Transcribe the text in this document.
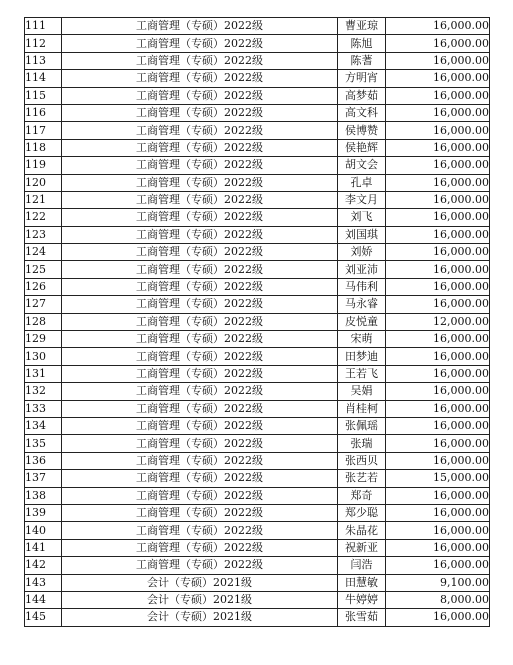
111	工商管理（专硕）2022级	曹亚琼	16,000.00
112	工商管理（专硕）2022级	陈旭	16,000.00
113	工商管理（专硕）2022级	陈蓍	16,000.00
114	工商管理（专硕）2022级	方明宵	16,000.00
115	工商管理（专硕）2022级	高梦茹	16,000.00
116	工商管理（专硕）2022级	高文科	16,000.00
117	工商管理（专硕）2022级	侯博赞	16,000.00
118	工商管理（专硕）2022级	侯艳辉	16,000.00
119	工商管理（专硕）2022级	胡文会	16,000.00
120	工商管理（专硕）2022级	孔卓	16,000.00
121	工商管理（专硕）2022级	李文月	16,000.00
122	工商管理（专硕）2022级	刘飞	16,000.00
123	工商管理（专硕）2022级	刘国琪	16,000.00
124	工商管理（专硕）2022级	刘娇	16,000.00
125	工商管理（专硕）2022级	刘亚沛	16,000.00
126	工商管理（专硕）2022级	马伟利	16,000.00
127	工商管理（专硕）2022级	马永睿	16,000.00
128	工商管理（专硕）2022级	皮悦童	12,000.00
129	工商管理（专硕）2022级	宋萌	16,000.00
130	工商管理（专硕）2022级	田梦迪	16,000.00
131	工商管理（专硕）2022级	王若飞	16,000.00
132	工商管理（专硕）2022级	吴娟	16,000.00
133	工商管理（专硕）2022级	肖桂柯	16,000.00
134	工商管理（专硕）2022级	张佩瑶	16,000.00
135	工商管理（专硕）2022级	张瑞	16,000.00
136	工商管理（专硕）2022级	张西贝	16,000.00
137	工商管理（专硕）2022级	张艺若	15,000.00
138	工商管理（专硕）2022级	郑奇	16,000.00
139	工商管理（专硕）2022级	郑少聪	16,000.00
140	工商管理（专硕）2022级	朱晶花	16,000.00
141	工商管理（专硕）2022级	祝新亚	16,000.00
142	工商管理（专硕）2022级	闫浩	16,000.00
143	会计（专硕）2021级	田慧敏	9,100.00
144	会计（专硕）2021级	牛婷婷	8,000.00
145	会计（专硕）2021级	张雪茹	16,000.00
